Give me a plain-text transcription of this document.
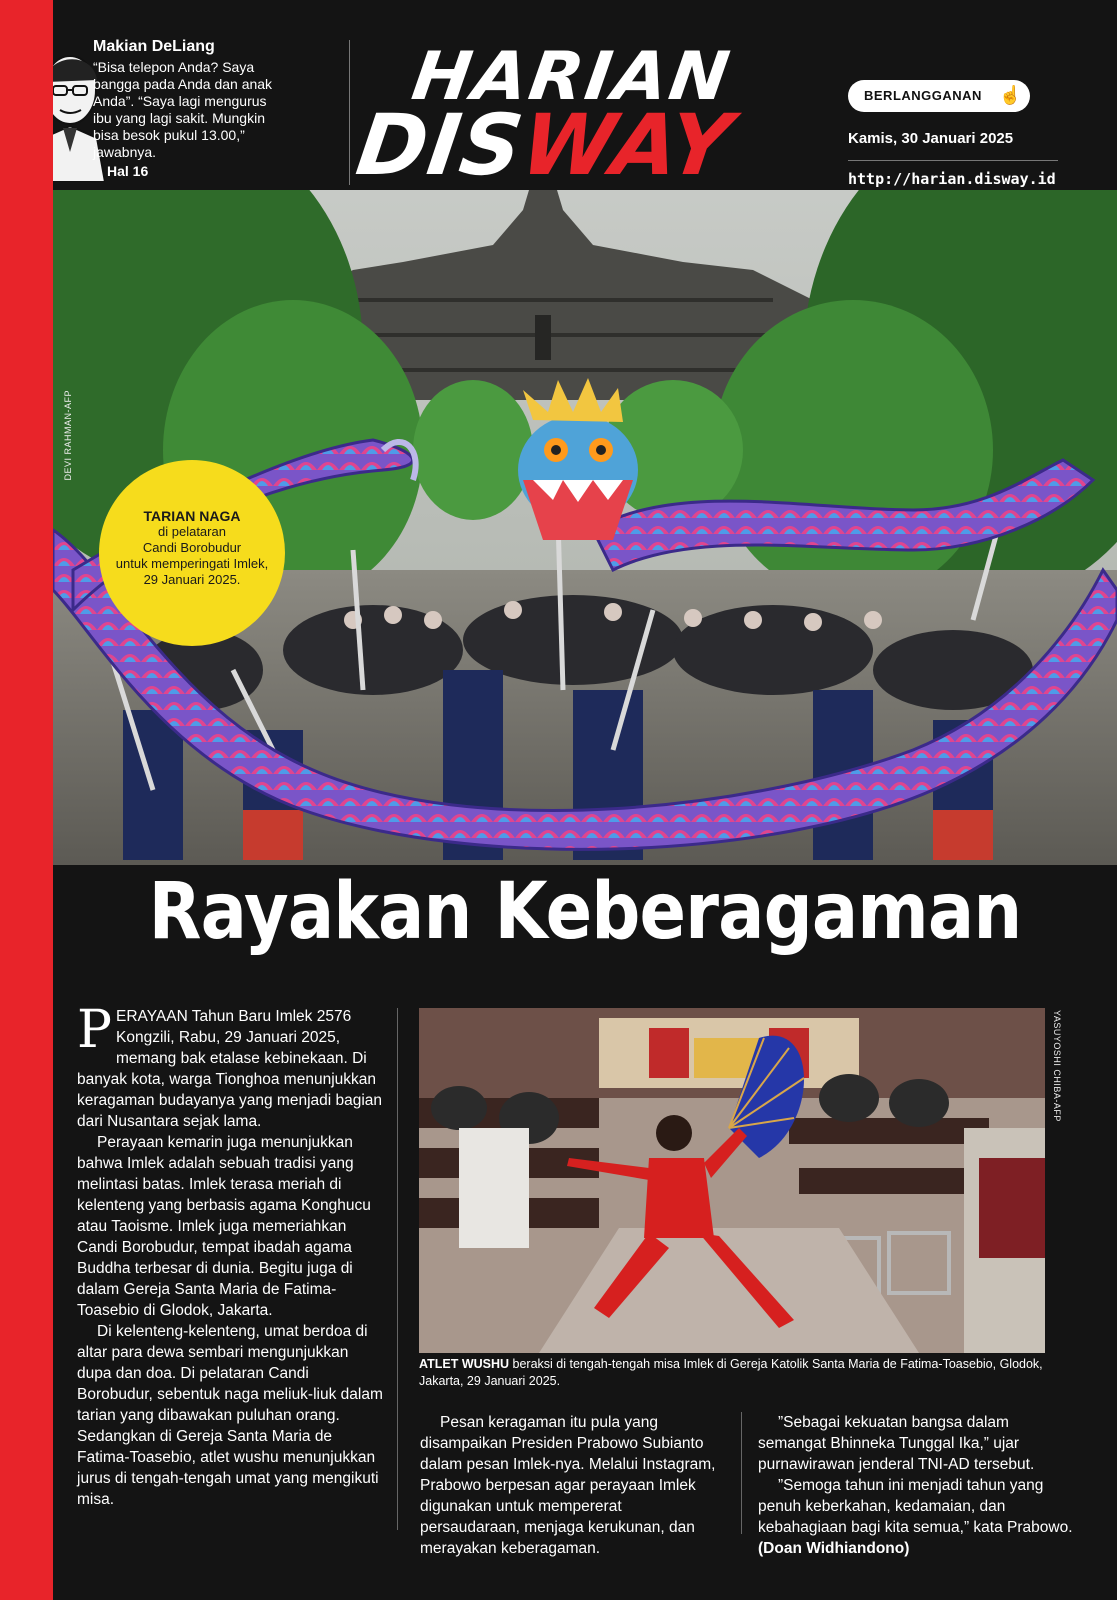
DEVI RAHMAN-AFP
TARIAN NAGA
di pelataran
Candi Borobudur
untuk memperingati Imlek,
29 Januari 2025.
Makian DeLiang
“Bisa telepon Anda? Saya
bangga pada Anda dan anak
Anda”. “Saya lagi mengurus
ibu yang lagi sakit. Mungkin
bisa besok pukul 13.00,”
jawabnya.
Hal 16
HARIAN
DISWAY
BERLANGGANAN ☝
Kamis, 30 Januari 2025
http://harian.disway.id
Rayakan Keberagaman

PERAYAAN Tahun Baru Imlek 2576 Kongzili, Rabu, 29 Januari 2025, memang bak etalase kebinekaan. Di banyak kota, warga Tionghoa menunjukkan keragaman budayanya yang menjadi bagian dari Nusantara sejak lama.

Perayaan kemarin juga menunjukkan bahwa Imlek adalah sebuah tradisi yang melintasi batas. Imlek terasa meriah di kelenteng yang berbasis agama Konghucu atau Taoisme. Imlek juga memeriahkan Candi Borobudur, tempat ibadah agama Buddha terbesar di dunia. Begitu juga di dalam Gereja Santa Maria de Fatima-Toasebio di Glodok, Jakarta.

Di kelenteng-kelenteng, umat berdoa di altar para dewa sembari mengunjukkan dupa dan doa. Di pelataran Candi Borobudur, sebentuk naga meliuk-liuk dalam tarian yang dibawakan puluhan orang. Sedangkan di Gereja Santa Maria de Fatima-Toasebio, atlet wushu menunjukkan jurus di tengah-tengah umat yang mengikuti misa.

YASUYOSHI CHIBA-AFP
ATLET WUSHU beraksi di tengah-tengah misa Imlek di Gereja Katolik Santa Maria de Fatima-Toasebio, Glodok, Jakarta, 29 Januari 2025.

Pesan keragaman itu pula yang disampaikan Presiden Prabowo Subianto dalam pesan Imlek-nya. Melalui Instagram, Prabowo berpesan agar perayaan Imlek digunakan untuk mempererat persaudaraan, menjaga kerukunan, dan merayakan keberagaman.

”Sebagai kekuatan bangsa dalam semangat Bhinneka Tunggal Ika,” ujar purnawirawan jenderal TNI-AD tersebut.

”Semoga tahun ini menjadi tahun yang penuh keberkahan, kedamaian, dan kebahagiaan bagi kita semua,” kata Prabowo. (Doan Widhiandono)
